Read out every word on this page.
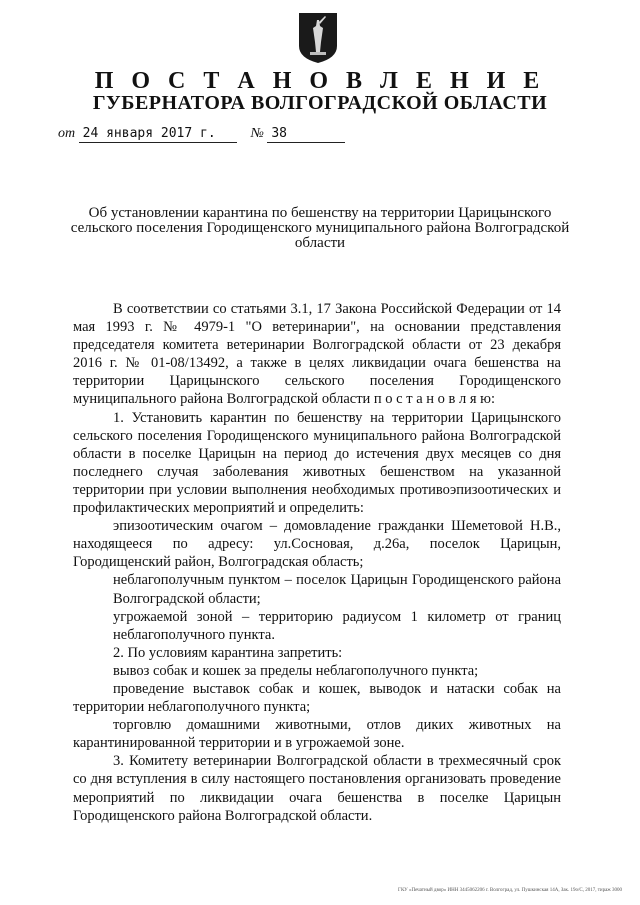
П О С Т А Н О В Л Е Н И Е
ГУБЕРНАТОРА ВОЛГОГРАДСКОЙ ОБЛАСТИ
от 24 января 2017 г. № 38
Об установлении карантина по бешенству на территории Царицынского сельского поселения Городищенского муниципального района Волгоградской области

В соответствии со статьями 3.1, 17 Закона Российской Федерации от 14 мая 1993 г. № 4979-1 "О ветеринарии", на основании представления председателя комитета ветеринарии Волгоградской области от 23 декабря 2016 г. № 01-08/13492, а также в целях ликвидации очага бешенства на территории Царицынского сельского поселения Городищенского муниципального района Волгоградской области п о с т а н о в л я ю:

1. Установить карантин по бешенству на территории Царицынского сельского поселения Городищенского муниципального района Волгоградской области в поселке Царицын на период до истечения двух месяцев со дня последнего случая заболевания животных бешенством на указанной территории при условии выполнения необходимых противоэпизоотических и профилактических мероприятий и определить:

эпизоотическим очагом – домовладение гражданки Шеметовой Н.В., находящееся по адресу: ул.Сосновая, д.26а, поселок Царицын, Городищенский район, Волгоградская область;

неблагополучным пунктом – поселок Царицын Городищенского района Волгоградской области;

угрожаемой зоной – территорию радиусом 1 километр от границ неблагополучного пункта.

2. По условиям карантина запретить:

вывоз собак и кошек за пределы неблагополучного пункта;

проведение выставок собак и кошек, выводок и натаски собак на территории неблагополучного пункта;

торговлю домашними животными, отлов диких животных на карантинированной территории и в угрожаемой зоне.

3. Комитету ветеринарии Волгоградской области в трехмесячный срок со дня вступления в силу настоящего постановления организовать проведение мероприятий по ликвидации очага бешенства в поселке Царицын Городищенского района Волгоградской области.

ГКУ «Печатный двор» ИНН 3445062206 г. Волгоград, ул. Пушкинская 14А, Зак. 19о/С, 2017, тираж 3000
